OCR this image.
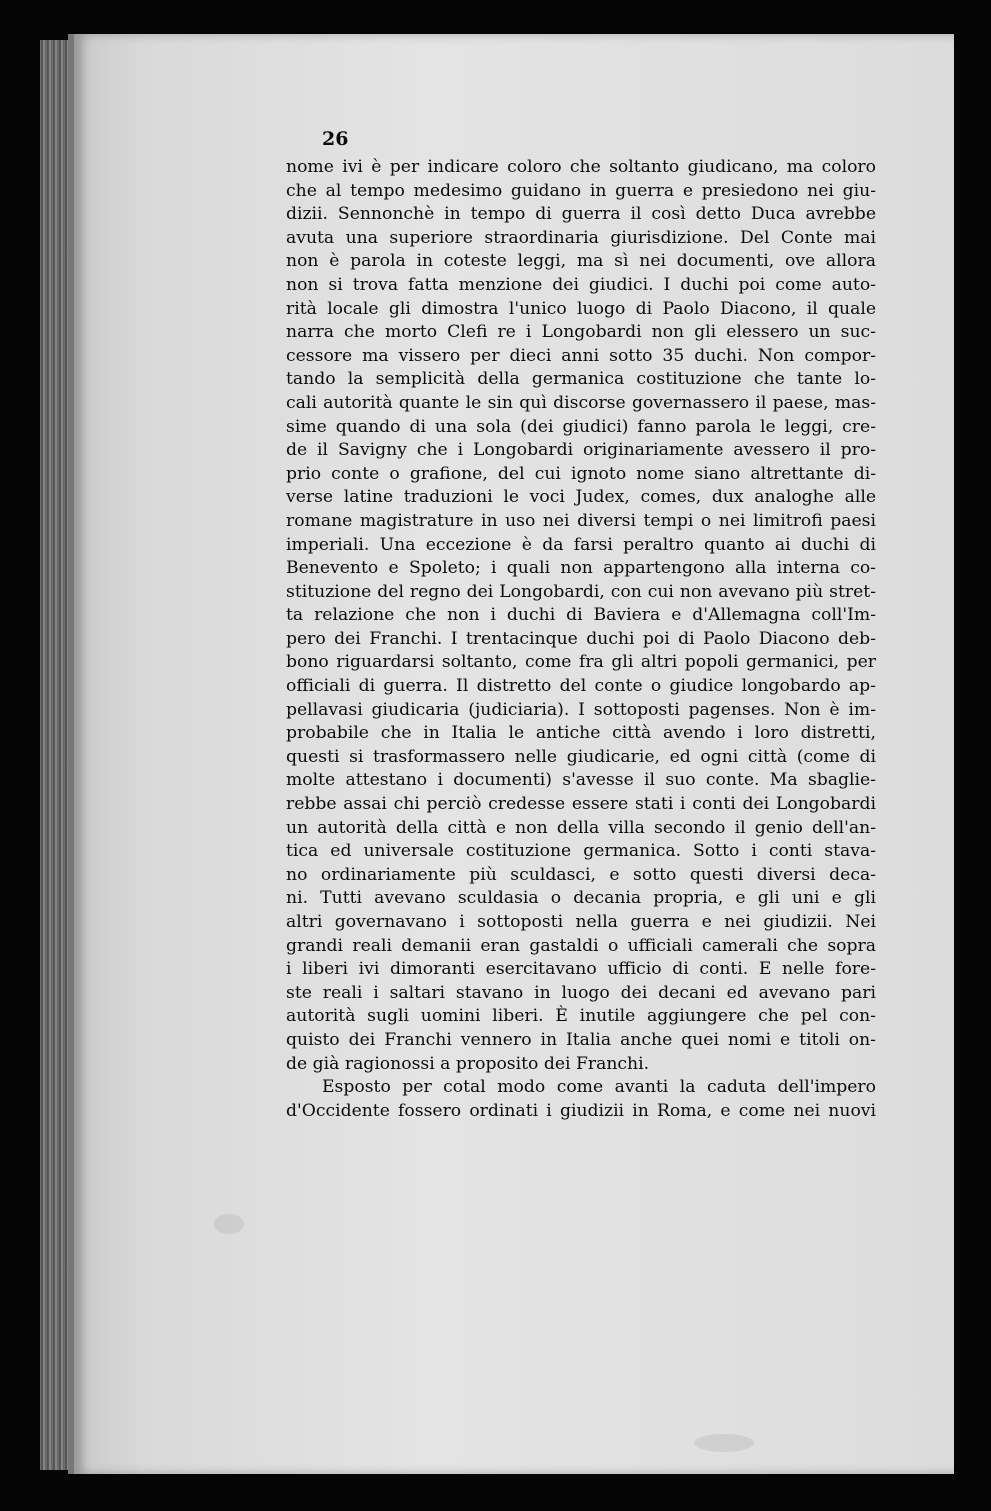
26
nome ivi è per indicare coloro che soltanto giudicano, ma coloro
che al tempo medesimo guidano in guerra e presiedono nei giu-
dizii. Sennonchè in tempo di guerra il così detto Duca avrebbe
avuta una superiore straordinaria giurisdizione. Del Conte mai
non è parola in coteste leggi, ma sì nei documenti, ove allora
non si trova fatta menzione dei giudici. I duchi poi come auto-
rità locale gli dimostra l'unico luogo di Paolo Diacono, il quale
narra che morto Clefi re i Longobardi non gli elessero un suc-
cessore ma vissero per dieci anni sotto 35 duchi. Non compor-
tando la semplicità della germanica costituzione che tante lo-
cali autorità quante le sin quì discorse governassero il paese, mas-
sime quando di una sola (dei giudici) fanno parola le leggi, cre-
de il Savigny che i Longobardi originariamente avessero il pro-
prio conte o grafione, del cui ignoto nome siano altrettante di-
verse latine traduzioni le voci Judex, comes, dux analoghe alle
romane magistrature in uso nei diversi tempi o nei limitrofi paesi
imperiali. Una eccezione è da farsi peraltro quanto ai duchi di
Benevento e Spoleto; i quali non appartengono alla interna co-
stituzione del regno dei Longobardi, con cui non avevano più stret-
ta relazione che non i duchi di Baviera e d'Allemagna coll'Im-
pero dei Franchi. I trentacinque duchi poi di Paolo Diacono deb-
bono riguardarsi soltanto, come fra gli altri popoli germanici, per
officiali di guerra. Il distretto del conte o giudice longobardo ap-
pellavasi giudicaria (judiciaria). I sottoposti pagenses. Non è im-
probabile che in Italia le antiche città avendo i loro distretti,
questi si trasformassero nelle giudicarie, ed ogni città (come di
molte attestano i documenti) s'avesse il suo conte. Ma sbaglie-
rebbe assai chi perciò credesse essere stati i conti dei Longobardi
un autorità della città e non della villa secondo il genio dell'an-
tica ed universale costituzione germanica. Sotto i conti stava-
no ordinariamente più sculdasci, e sotto questi diversi deca-
ni. Tutti avevano sculdasia o decania propria, e gli uni e gli
altri governavano i sottoposti nella guerra e nei giudizii. Nei
grandi reali demanii eran gastaldi o ufficiali camerali che sopra
i liberi ivi dimoranti esercitavano ufficio di conti. E nelle fore-
ste reali i saltari stavano in luogo dei decani ed avevano pari
autorità sugli uomini liberi. È inutile aggiungere che pel con-
quisto dei Franchi vennero in Italia anche quei nomi e titoli on-
de già ragionossi a proposito dei Franchi.
Esposto per cotal modo come avanti la caduta dell'impero
d'Occidente fossero ordinati i giudizii in Roma, e come nei nuovi
